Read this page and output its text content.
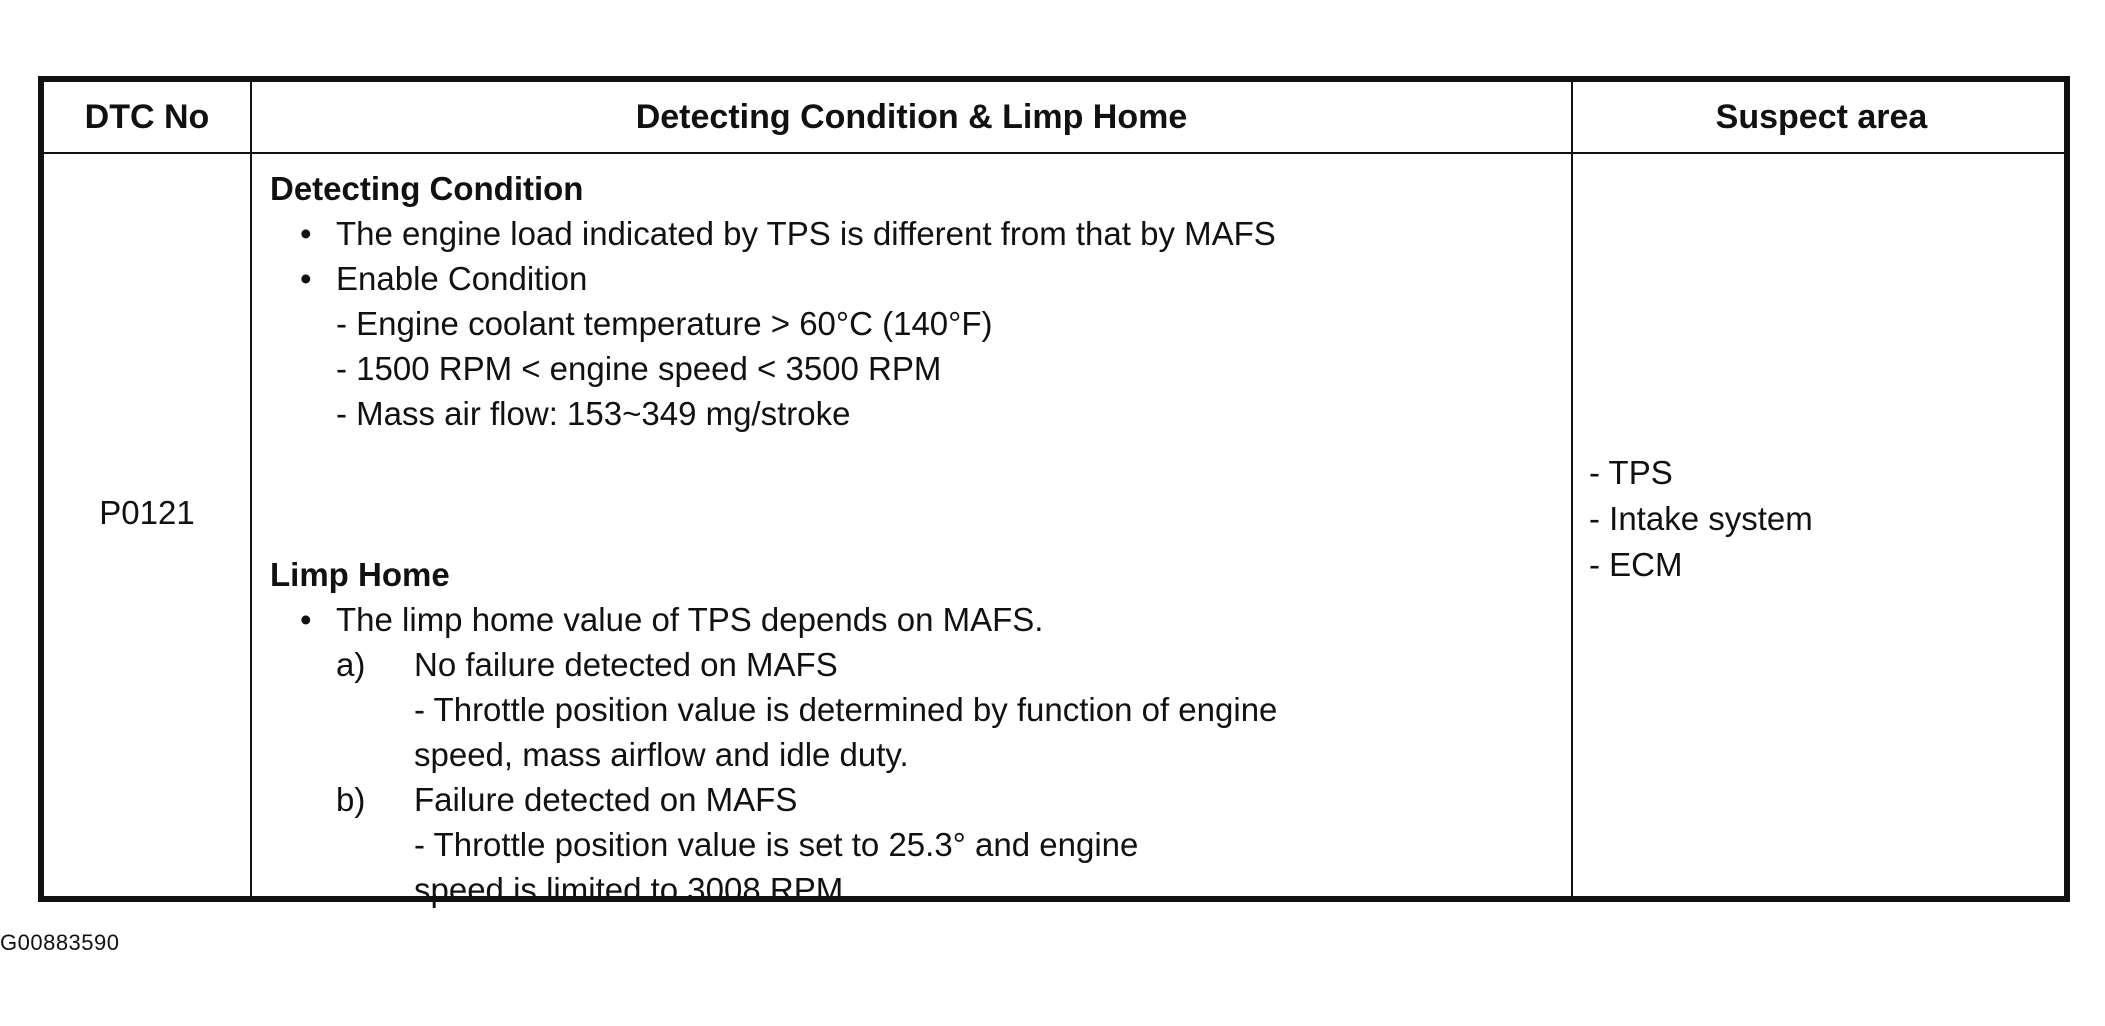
DTC No	Detecting Condition & Limp Home	Suspect area
P0121
Detecting Condition
• The engine load indicated by TPS is different from that by MAFS
• Enable Condition
- Engine coolant temperature > 60°C (140°F)
- 1500 RPM < engine speed < 3500 RPM
- Mass air flow: 153~349 mg/stroke
Limp Home
• The limp home value of TPS depends on MAFS.
a) No failure detected on MAFS
- Throttle position value is determined by function of engine
speed, mass airflow and idle duty.
b) Failure detected on MAFS
- Throttle position value is set to 25.3° and engine
speed is limited to 3008 RPM.
- TPS
- Intake system
- ECM
G00883590
